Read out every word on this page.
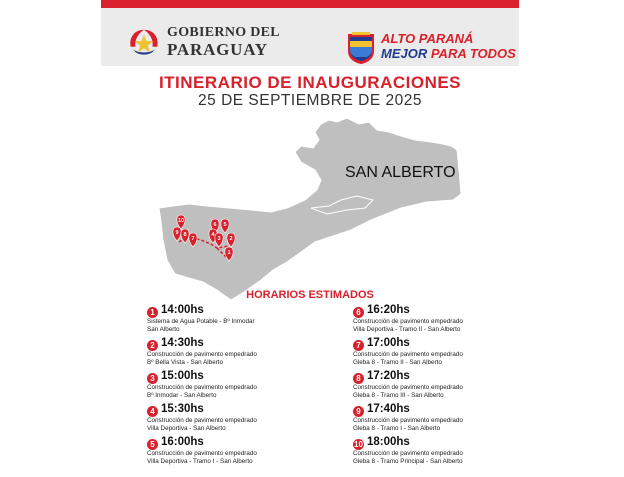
GOBIERNO DEL
PARAGUAY
ALTO PARANÁ
MEJOR PARA TODOS
ITINERARIO DE INAUGURACIONES
25 DE SEPTIEMBRE DE 2025
10
9 8
7
6 5
4
3 2
1
SAN ALBERTO
HORARIOS ESTIMADOS
1 14:00hs
Sistema de Agua Potable - Bº Inmodar
San Alberto
2 14:30hs
Construcción de pavimento empedrado
Bº Bella Vista - San Alberto
3 15:00hs
Construcción de pavimento empedrado
Bº Inmodar - San Alberto
4 15:30hs
Construcción de pavimento empedrado
Villa Deportiva - San Alberto
5 16:00hs
Construcción de pavimento empedrado
Villa Deportiva - Tramo I - San Alberto
6 16:20hs
Construcción de pavimento empedrado
Villa Deportiva - Tramo II - San Alberto
7 17:00hs
Construcción de pavimento empedrado
Gleba 8 - Tramo II - San Alberto
8 17:20hs
Construcción de pavimento empedrado
Gleba 8 - Tramo III - San Alberto
9 17:40hs
Construcción de pavimento empedrado
Gleba 8 - Tramo I - San Alberto
10 18:00hs
Construcción de pavimento empedrado
Gleba 8 - Tramo Principal - San Alberto
